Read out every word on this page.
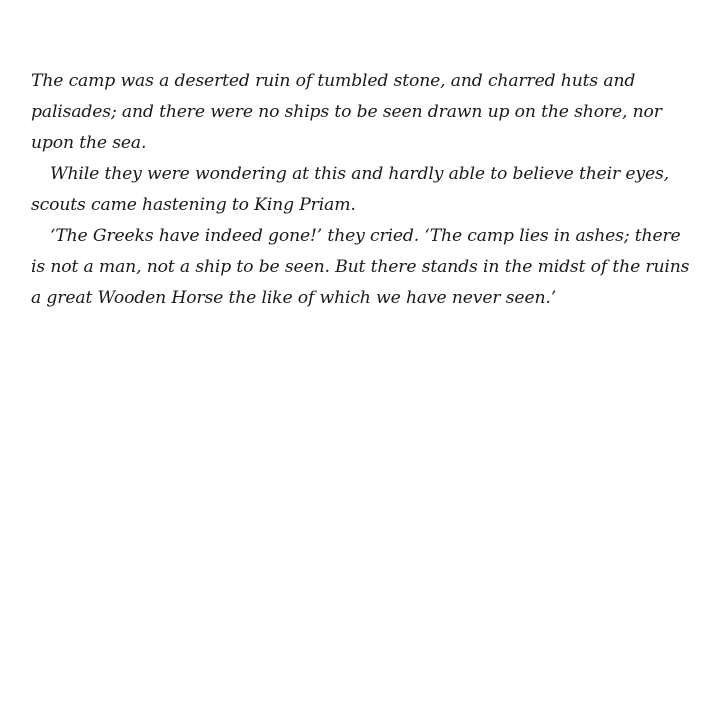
The camp was a deserted ruin of tumbled stone, and charred huts and palisades; and there were no ships to be seen drawn up on the shore, nor upon the sea.

While they were wondering at this and hardly able to believe their eyes, scouts came hastening to King Priam.

‘The Greeks have indeed gone!’ they cried. ‘The camp lies in ashes; there is not a man, not a ship to be seen. But there stands in the midst of the ruins a great Wooden Horse the like of which we have never seen.’
